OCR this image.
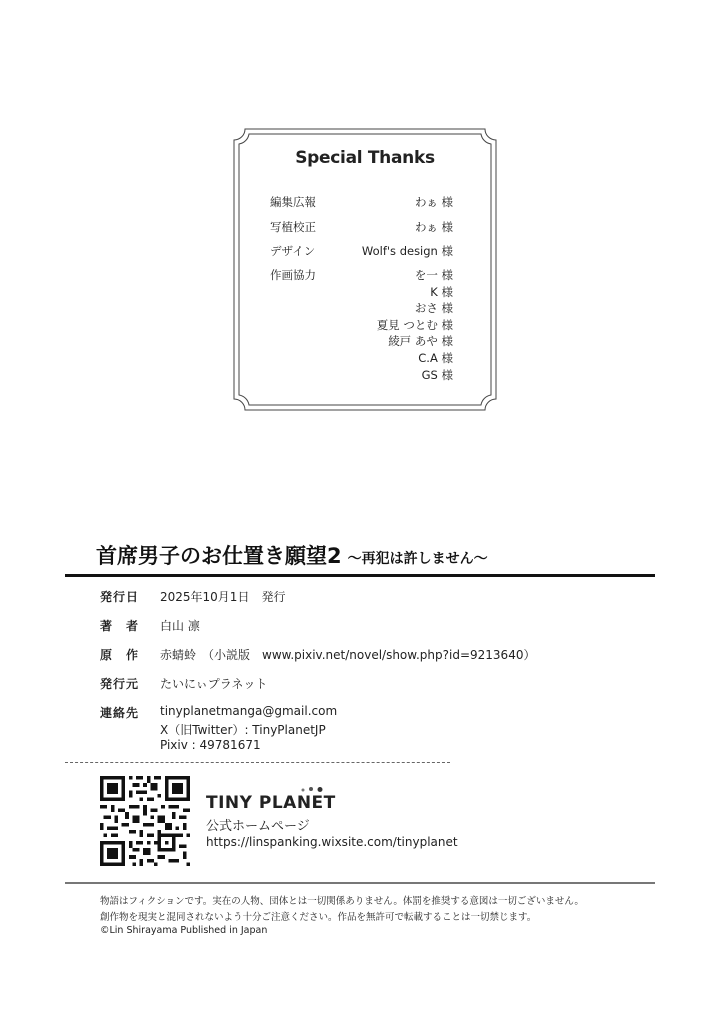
Special Thanks
編集広報	わぁ 様
写植校正	わぁ 様
デザイン	Wolf's design 様
作画協力	を一 様
K 様
おさ 様
夏見 つとむ 様
綾戸 あや 様
C.A 様
GS 様
首席男子のお仕置き願望2 ～再犯は許しません～
発行日 2025年10月1日　発行
著　者 白山 凛
原　作 赤蜻蛉　（小説版　www.pixiv.net/novel/show.php?id=9213640）
発行元 たいにぃプラネット
連絡先 tinyplanetmanga@gmail.com
X（旧Twitter）: TinyPlanetJP
Pixiv : 49781671
TINY PLANET
公式ホームページ
https://linspanking.wixsite.com/tinyplanet
物語はフィクションです。実在の人物、団体とは一切関係ありません。体罰を推奨する意図は一切ございません。
創作物を現実と混同されないよう十分ご注意ください。作品を無許可で転載することは一切禁じます。
©Lin Shirayama Published in Japan
